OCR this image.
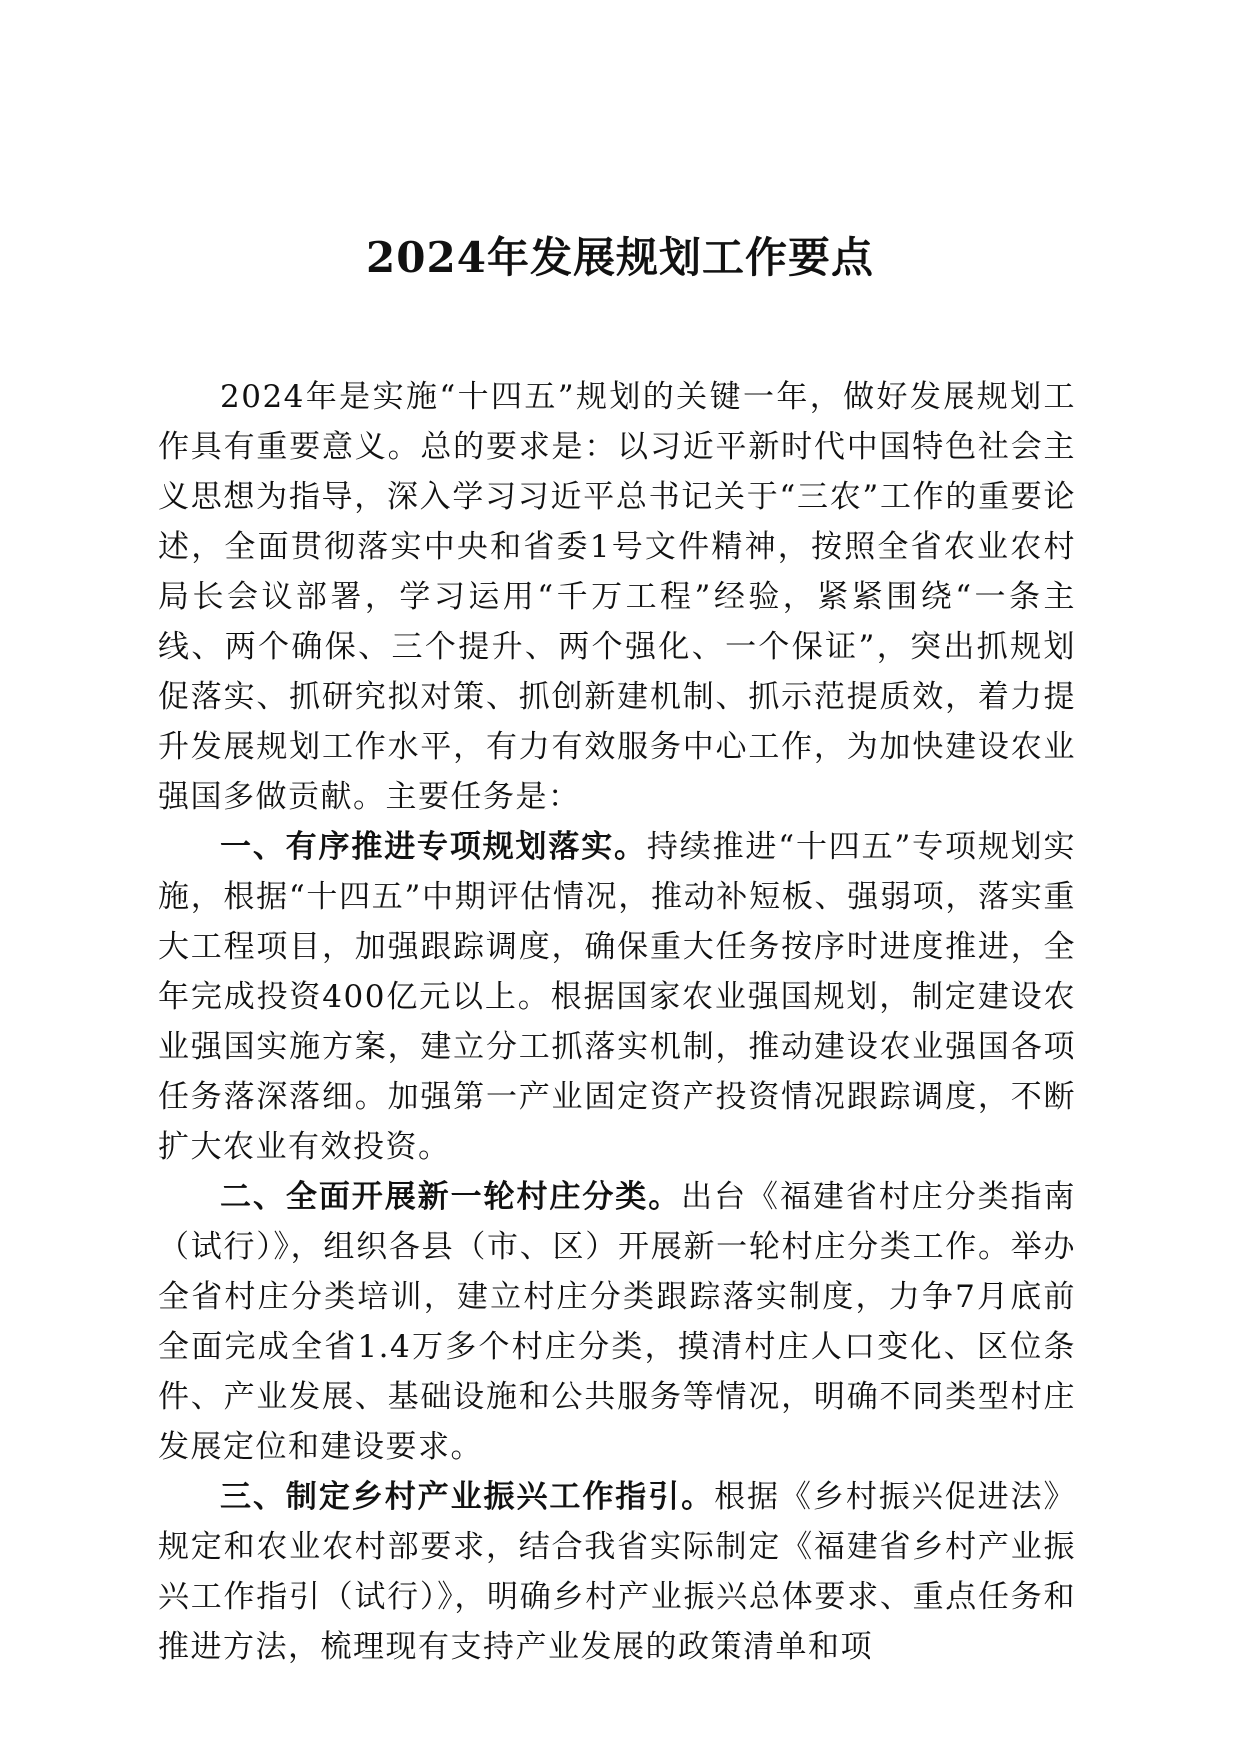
2024年发展规划工作要点

2024年是实施“十四五”规划的关键一年，做好发展规划工作具有重要意义。总的要求是：以习近平新时代中国特色社会主义思想为指导，深入学习习近平总书记关于“三农”工作的重要论述，全面贯彻落实中央和省委1号文件精神，按照全省农业农村局长会议部署，学习运用“千万工程”经验，紧紧围绕“一条主线、两个确保、三个提升、两个强化、一个保证”，突出抓规划促落实、抓研究拟对策、抓创新建机制、抓示范提质效，着力提升发展规划工作水平，有力有效服务中心工作，为加快建设农业强国多做贡献。主要任务是：

一、有序推进专项规划落实。持续推进“十四五”专项规划实施，根据“十四五”中期评估情况，推动补短板、强弱项，落实重大工程项目，加强跟踪调度，确保重大任务按序时进度推进，全年完成投资400亿元以上。根据国家农业强国规划，制定建设农业强国实施方案，建立分工抓落实机制，推动建设农业强国各项任务落深落细。加强第一产业固定资产投资情况跟踪调度，不断扩大农业有效投资。

二、全面开展新一轮村庄分类。出台《福建省村庄分类指南（试行）》，组织各县（市、区）开展新一轮村庄分类工作。举办全省村庄分类培训，建立村庄分类跟踪落实制度，力争7月底前全面完成全省1.4万多个村庄分类，摸清村庄人口变化、区位条件、产业发展、基础设施和公共服务等情况，明确不同类型村庄发展定位和建设要求。

三、制定乡村产业振兴工作指引。根据《乡村振兴促进法》规定和农业农村部要求，结合我省实际制定《福建省乡村产业振兴工作指引（试行）》，明确乡村产业振兴总体要求、重点任务和推进方法，梳理现有支持产业发展的政策清单和项
